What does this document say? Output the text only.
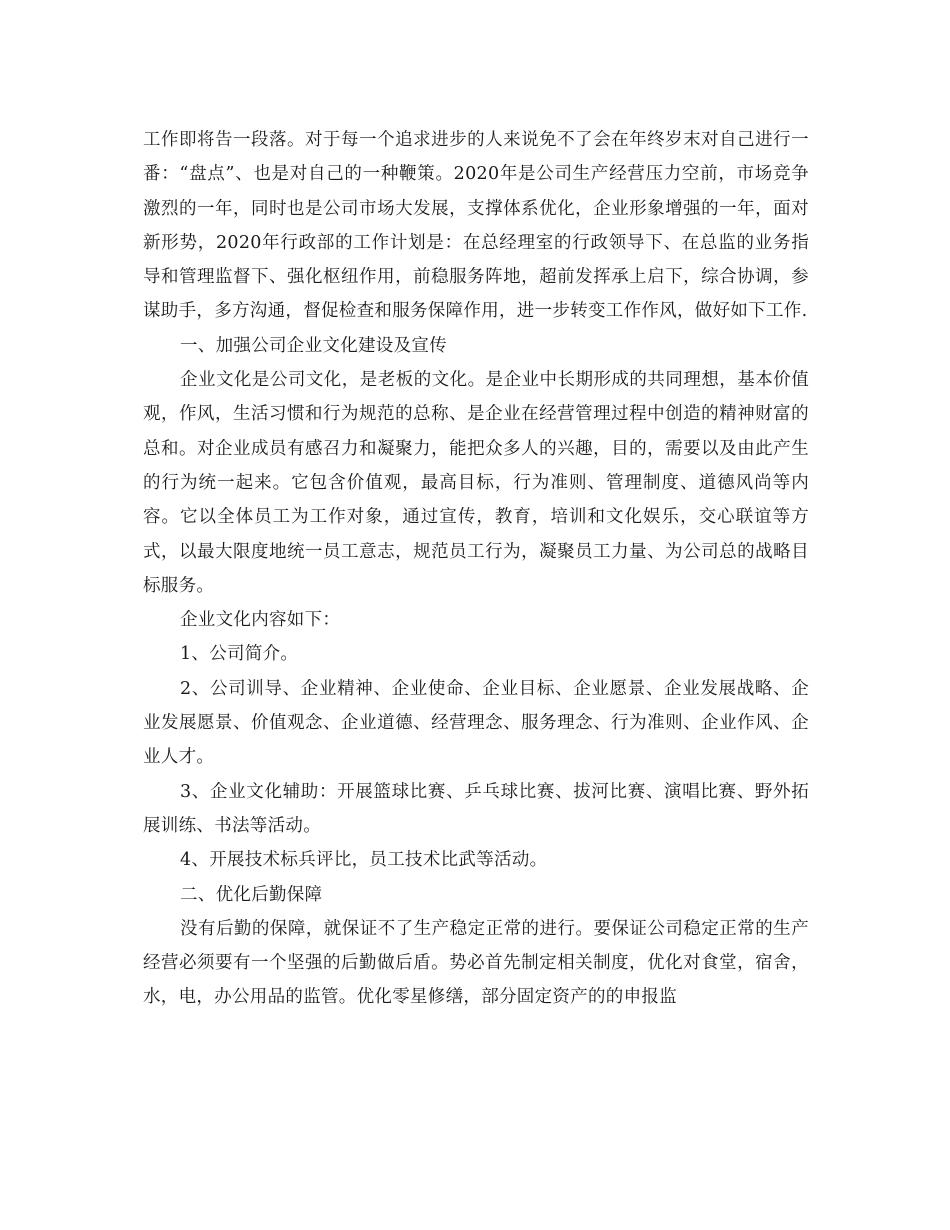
工作即将告一段落。对于每一个追求进步的人来说免不了会在年终岁末对自己进行一番：“盘点”、也是对自己的一种鞭策。2020年是公司生产经营压力空前，市场竞争激烈的一年，同时也是公司市场大发展，支撑体系优化，企业形象增强的一年，面对新形势，2020年行政部的工作计划是：在总经理室的行政领导下、在总监的业务指导和管理监督下、强化枢纽作用，前稳服务阵地，超前发挥承上启下，综合协调，参谋助手，多方沟通，督促检查和服务保障作用，进一步转变工作作风，做好如下工作.

一、加强公司企业文化建设及宣传

企业文化是公司文化，是老板的文化。是企业中长期形成的共同理想，基本价值观，作风，生活习惯和行为规范的总称、是企业在经营管理过程中创造的精神财富的总和。对企业成员有感召力和凝聚力，能把众多人的兴趣，目的，需要以及由此产生的行为统一起来。它包含价值观，最高目标，行为准则、管理制度、道德风尚等内容。它以全体员工为工作对象，通过宣传，教育，培训和文化娱乐，交心联谊等方式，以最大限度地统一员工意志，规范员工行为，凝聚员工力量、为公司总的战略目标服务。

企业文化内容如下：

1、公司简介。

2、公司训导、企业精神、企业使命、企业目标、企业愿景、企业发展战略、企业发展愿景、价值观念、企业道德、经营理念、服务理念、行为准则、企业作风、企业人才。

3、企业文化辅助：开展篮球比赛、乒乓球比赛、拔河比赛、演唱比赛、野外拓展训练、书法等活动。

4、开展技术标兵评比，员工技术比武等活动。

二、优化后勤保障

没有后勤的保障，就保证不了生产稳定正常的进行。要保证公司稳定正常的生产经营必须要有一个坚强的后勤做后盾。势必首先制定相关制度，优化对食堂，宿舍，水，电，办公用品的监管。优化零星修缮，部分固定资产的的申报监
